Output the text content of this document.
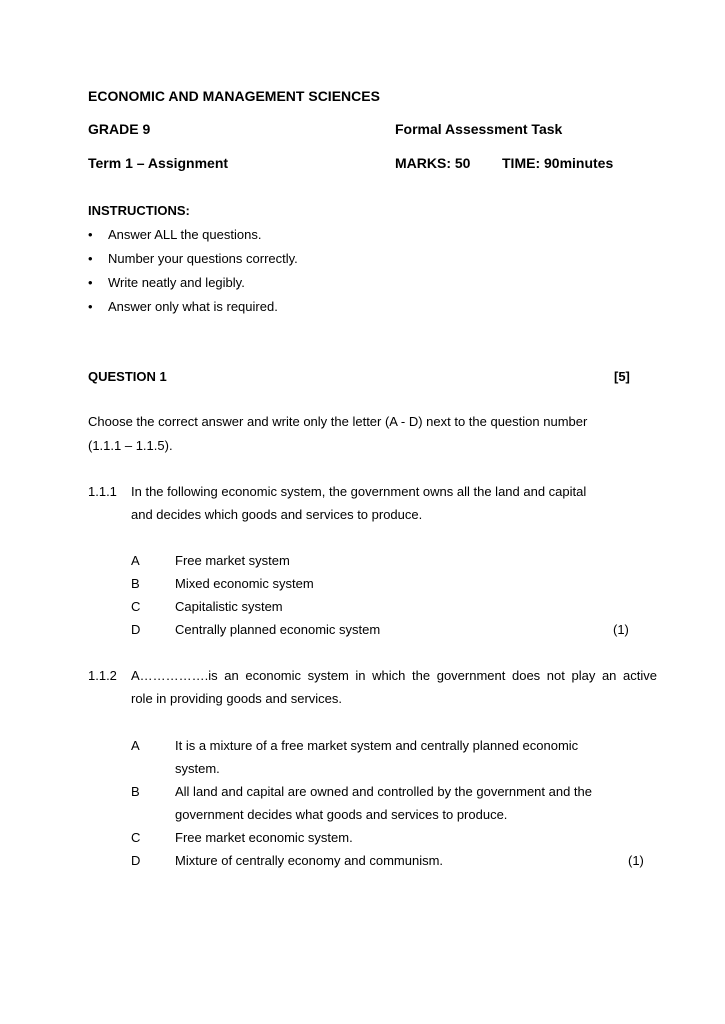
ECONOMIC AND MANAGEMENT SCIENCES
GRADE 9	Formal Assessment Task
Term 1 – Assignment	MARKS: 50 TIME: 90minutes
INSTRUCTIONS:
• Answer ALL the questions.
• Number your questions correctly.
• Write neatly and legibly.
• Answer only what is required.
QUESTION 1	[5]
Choose the correct answer and write only the letter (A - D) next to the question number
(1.1.1 – 1.1.5).
1.1.1 In the following economic system, the government owns all the land and capital
and decides which goods and services to produce.
A	Free market system
B	Mixed economic system
C	Capitalistic system
D	Centrally planned economic system	(1)
1.1.2 A…………….is an economic system in which the government does not play an active
role in providing goods and services.
A	It is a mixture of a free market system and centrally planned economic
system.
B	All land and capital are owned and controlled by the government and the
government decides what goods and services to produce.
C	Free market economic system.
D	Mixture of centrally economy and communism.	(1)
